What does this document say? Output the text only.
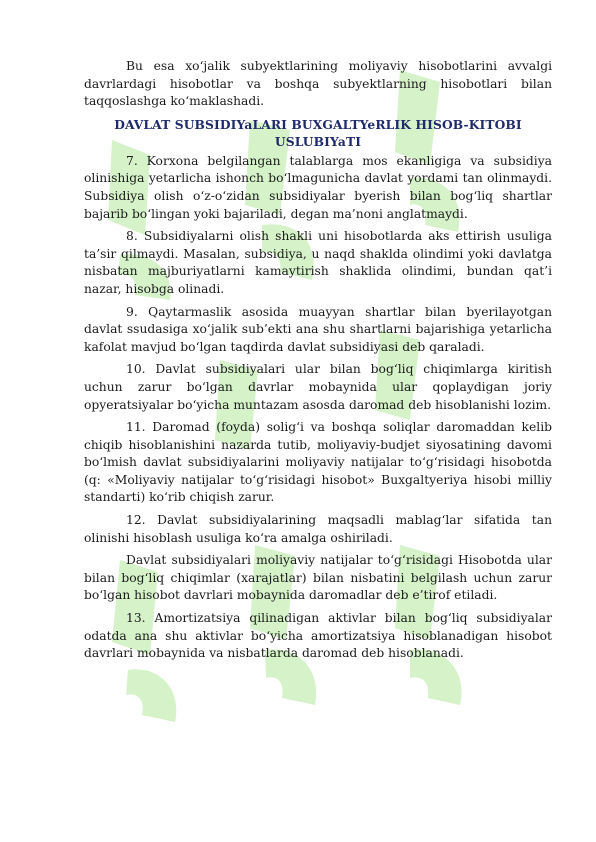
Bu esa xo‘jalik subyektlarining moliyaviy hisobotlarini avvalgi davrlardagi hisobotlar va boshqa subyektlarning hisobotlari bilan taqqoslashga ko‘maklashadi.

DAVLAT SUBSIDIYaLARI BUXGALTYeRLIK HISOB-KITOBI USLUBIYaTI

7. Korxona belgilangan talablarga mos ekanligiga va subsidiya olinishiga yetarlicha ishonch bo‘lmagunicha davlat yordami tan olinmaydi. Subsidiya olish o‘z-o‘zidan subsidiyalar byerish bilan bog‘liq shartlar bajarib bo‘lingan yoki bajariladi, degan ma’noni anglatmaydi.

8. Subsidiyalarni olish shakli uni hisobotlarda aks ettirish usuliga ta’sir qilmaydi. Masalan, subsidiya, u naqd shaklda olindimi yoki davlatga nisbatan majburiyatlarni kamaytirish shaklida olindimi, bundan qat’i nazar, hisobga olinadi.

9. Qaytarmaslik asosida muayyan shartlar bilan byerilayotgan davlat ssudasiga xo‘jalik sub’ekti ana shu shartlarni bajarishiga yetarlicha kafolat mavjud bo‘lgan taqdirda davlat subsidiyasi deb qaraladi.

10. Davlat subsidiyalari ular bilan bog‘liq chiqimlarga kiritish uchun zarur bo‘lgan davrlar mobaynida ular qoplaydigan joriy opyeratsiyalar bo‘yicha muntazam asosda daromad deb hisoblanishi lozim.

11. Daromad (foyda) solig‘i va boshqa soliqlar daromaddan kelib chiqib hisoblanishini nazarda tutib, moliyaviy-budjet siyosatining davomi bo‘lmish davlat subsidiyalarini moliyaviy natijalar to‘g‘risidagi hisobotda (q: «Moliyaviy natijalar to‘g‘risidagi hisobot» Buxgaltyeriya hisobi milliy standarti) ko‘rib chiqish zarur.

12. Davlat subsidiyalarining maqsadli mablag‘lar sifatida tan olinishi hisoblash usuliga ko‘ra amalga oshiriladi.

Davlat subsidiyalari moliyaviy natijalar to‘g‘risidagi Hisobotda ular bilan bog‘liq chiqimlar (xarajatlar) bilan nisbatini belgilash uchun zarur bo‘lgan hisobot davrlari mobaynida daromadlar deb e’tirof etiladi.

13. Amortizatsiya qilinadigan aktivlar bilan bog‘liq subsidiyalar odatda ana shu aktivlar bo‘yicha amortizatsiya hisoblanadigan hisobot davrlari mobaynida va nisbatlarda daromad deb hisoblanadi.
